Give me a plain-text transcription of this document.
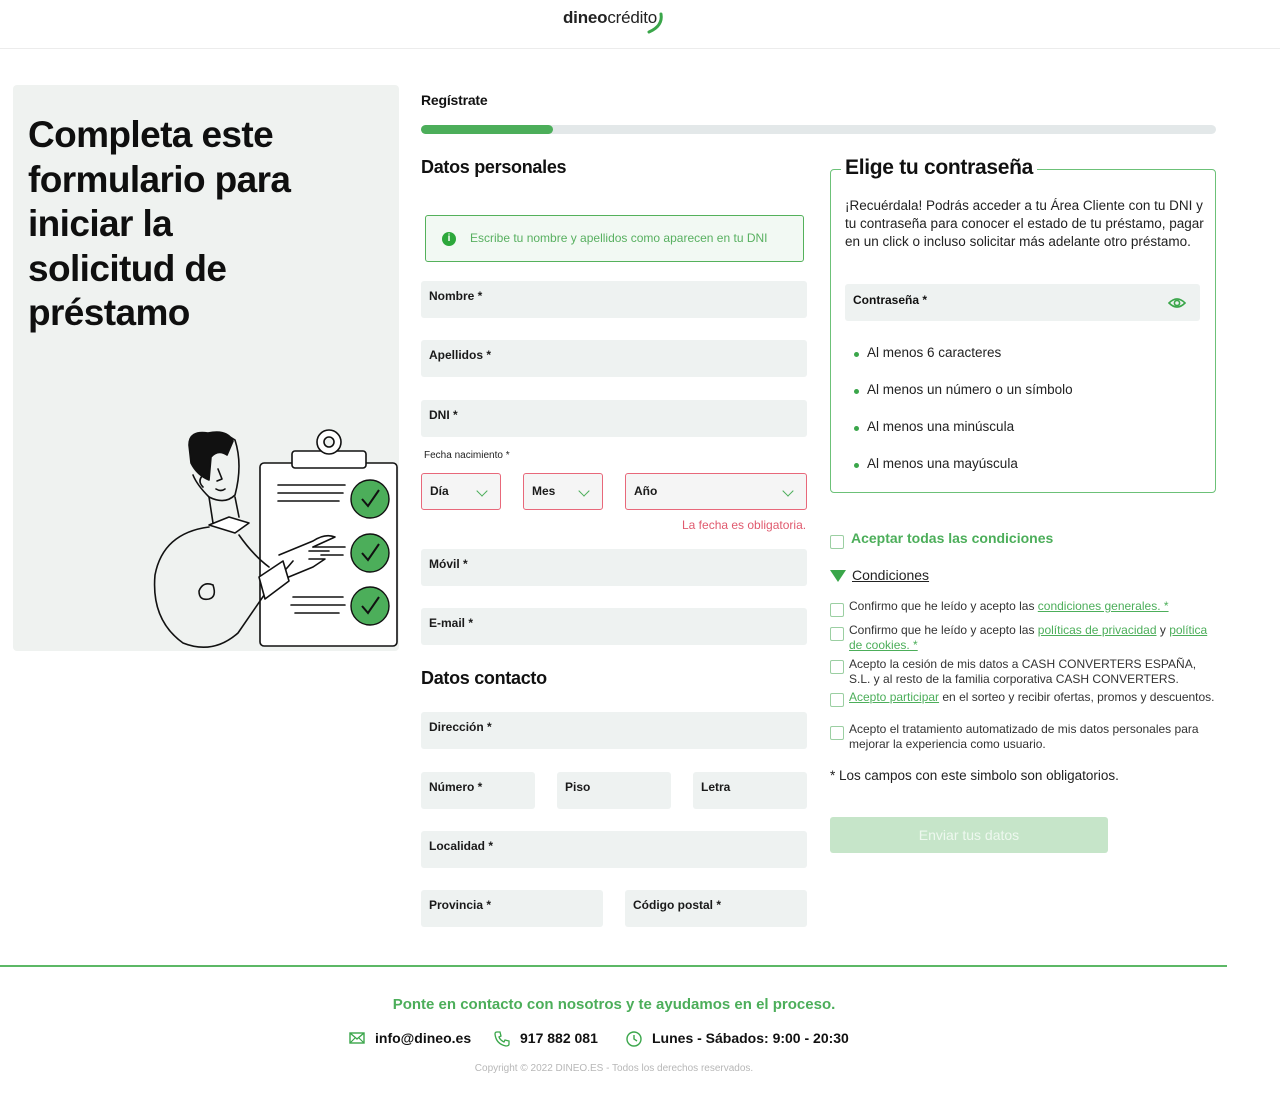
dineocrédito
Completa este formulario para iniciar la solicitud de préstamo
Regístrate
Datos personales
i	Escribe tu nombre y apellidos como aparecen en tu DNI
Nombre *
Apellidos *
DNI *
Fecha nacimiento *
Día	Mes	Año
La fecha es obligatoria.
Móvil *
E-mail *
Datos contacto
Dirección *
Número *	Piso	Letra
Localidad *
Provincia *	Código postal *
Elige tu contraseña
¡Recuérdala! Podrás acceder a tu Área Cliente con tu DNI y tu contraseña para conocer el estado de tu préstamo, pagar en un click o incluso solicitar más adelante otro préstamo.
Contraseña *
Al menos 6 caracteres
Al menos un número o un símbolo
Al menos una minúscula
Al menos una mayúscula
Aceptar todas las condiciones
Condiciones
Confirmo que he leído y acepto las condiciones generales. *
Confirmo que he leído y acepto las políticas de privacidad y política de cookies. *
Acepto la cesión de mis datos a CASH CONVERTERS ESPAÑA, S.L. y al resto de la familia corporativa CASH CONVERTERS.
Acepto participar en el sorteo y recibir ofertas, promos y descuentos.
Acepto el tratamiento automatizado de mis datos personales para mejorar la experiencia como usuario.
* Los campos con este simbolo son obligatorios.
Enviar tus datos
Ponte en contacto con nosotros y te ayudamos en el proceso.
info@dineo.es	917 882 081	Lunes - Sábados: 9:00 - 20:30
Copyright © 2022 DINEO.ES - Todos los derechos reservados.
